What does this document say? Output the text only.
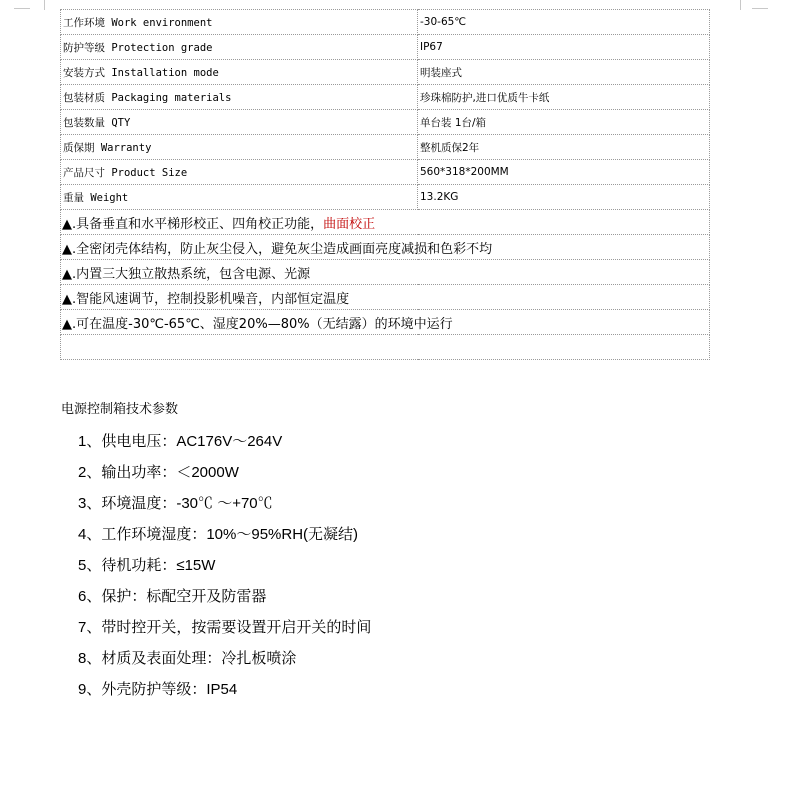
工作环境 Work environment	-30-65℃
防护等级 Protection grade	IP67
安装方式 Installation mode	明装座式
包装材质 Packaging materials	珍珠棉防护,进口优质牛卡纸
包装数量 QTY	单台装 1台/箱
质保期 Warranty	整机质保2年
产品尺寸 Product Size	560*318*200MM
重量 Weight	13.2KG
▲.具备垂直和水平梯形校正、四角校正功能，曲面校正	
▲.全密闭壳体结构，防止灰尘侵入，避免灰尘造成画面亮度减损和色彩不均	
▲.内置三大独立散热系统，包含电源、光源	
▲.智能风速调节，控制投影机噪音，内部恒定温度	
▲.可在温度-30℃-65℃、湿度20%—80%（无结露）的环境中运行	

电源控制箱技术参数
1、供电电压：AC176V～264V
2、输出功率：＜2000W
3、环境温度：-30℃ ～+70℃
4、工作环境湿度：10%～95%RH(无凝结)
5、待机功耗：≤15W
6、保护：标配空开及防雷器
7、带时控开关，按需要设置开启开关的时间
8、材质及表面处理：冷扎板喷涂
9、外壳防护等级：IP54
